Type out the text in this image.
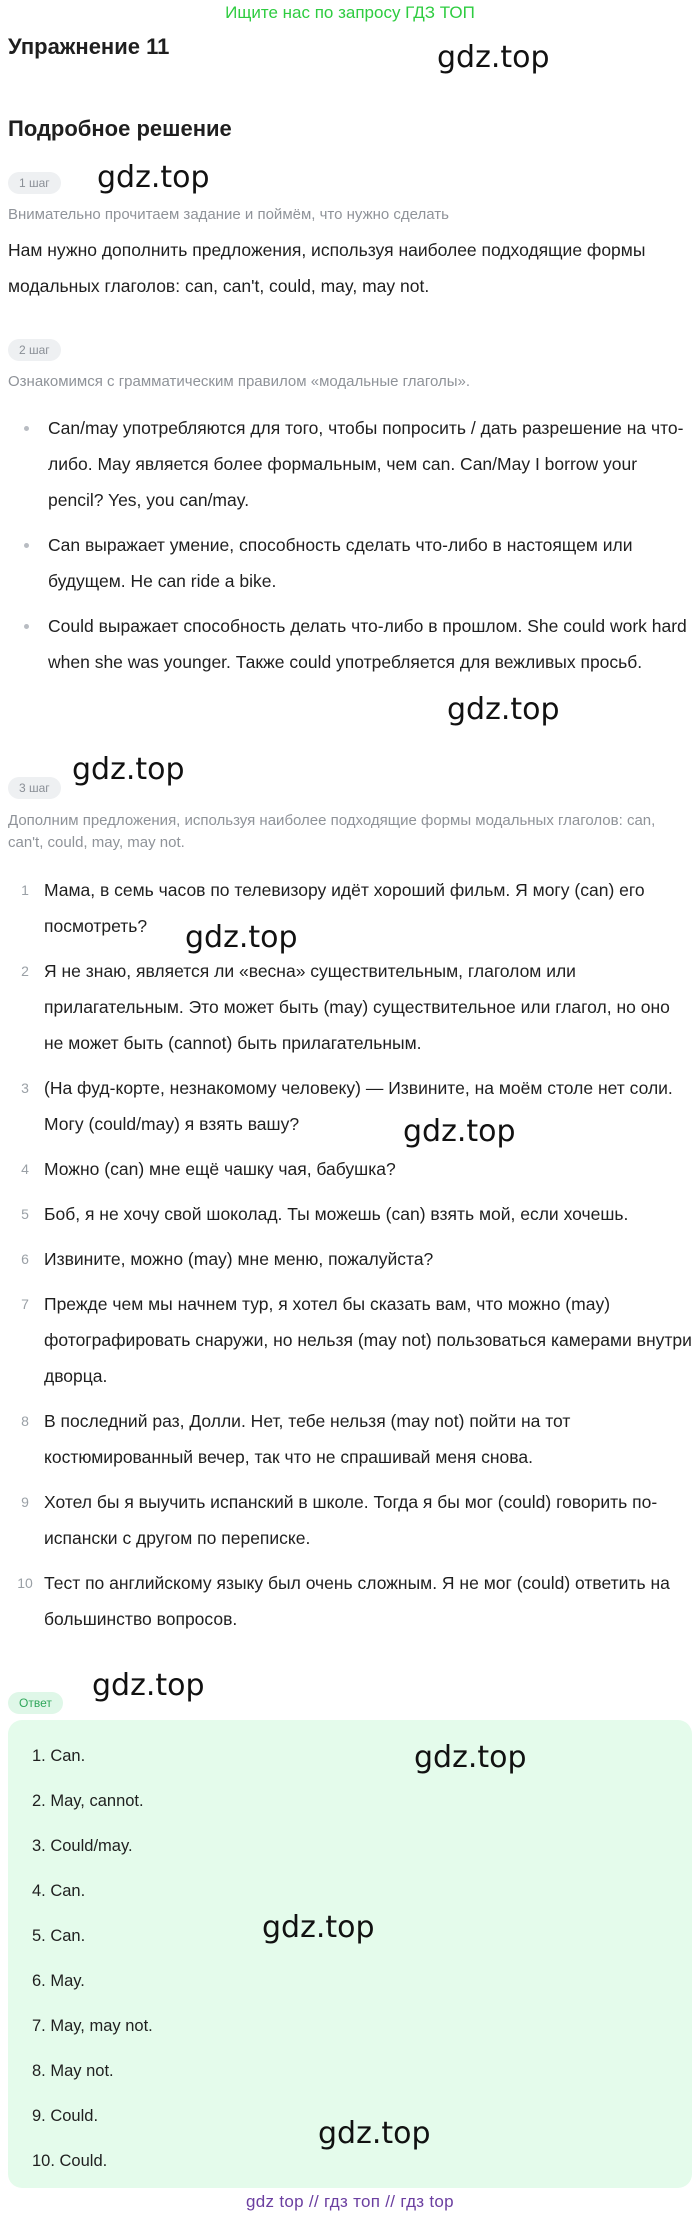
Ищите нас по запросу ГДЗ ТОП
Упражнение 11
Подробное решение
1 шаг
Внимательно прочитаем задание и поймём, что нужно сделать
Нам нужно дополнить предложения, используя наиболее подходящие формы модальных глаголов: can, can't, could, may, may not.
2 шаг
Ознакомимся с грамматическим правилом «модальные глаголы».
Can/may употребляются для того, чтобы попросить / дать разрешение на что-либо. May является более формальным, чем can. Can/May I borrow your pencil? Yes, you can/may.
Can выражает умение, способность сделать что-либо в настоящем или будущем. He can ride a bike.
Could выражает способность делать что-либо в прошлом. She could work hard when she was younger. Также could употребляется для вежливых просьб.
3 шаг
Дополним предложения, используя наиболее подходящие формы модальных глаголов: can, can't, could, may, may not.
1 Мама, в семь часов по телевизору идёт хороший фильм. Я могу (can) его посмотреть?
2 Я не знаю, является ли «весна» существительным, глаголом или прилагательным. Это может быть (may) существительное или глагол, но оно не может быть (cannot) быть прилагательным.
3 (На фуд-корте, незнакомому человеку) — Извините, на моём столе нет соли. Могу (could/may) я взять вашу?
4 Можно (can) мне ещё чашку чая, бабушка?
5 Боб, я не хочу свой шоколад. Ты можешь (can) взять мой, если хочешь.
6 Извините, можно (may) мне меню, пожалуйста?
7 Прежде чем мы начнем тур, я хотел бы сказать вам, что можно (may) фотографировать снаружи, но нельзя (may not) пользоваться камерами внутри дворца.
8 В последний раз, Долли. Нет, тебе нельзя (may not) пойти на тот костюмированный вечер, так что не спрашивай меня снова.
9 Хотел бы я выучить испанский в школе. Тогда я бы мог (could) говорить по-испански с другом по переписке.
10 Тест по английскому языку был очень сложным. Я не мог (could) ответить на большинство вопросов.
Ответ
1. Can.
2. May, cannot.
3. Could/may.
4. Can.
5. Can.
6. May.
7. May, may not.
8. May not.
9. Could.
10. Could.
gdz.top
gdz.top
gdz.top
gdz.top
gdz.top
gdz.top
gdz.top
gdz.top
gdz.top
gdz.top
gdz top // гдз топ // гдз top
